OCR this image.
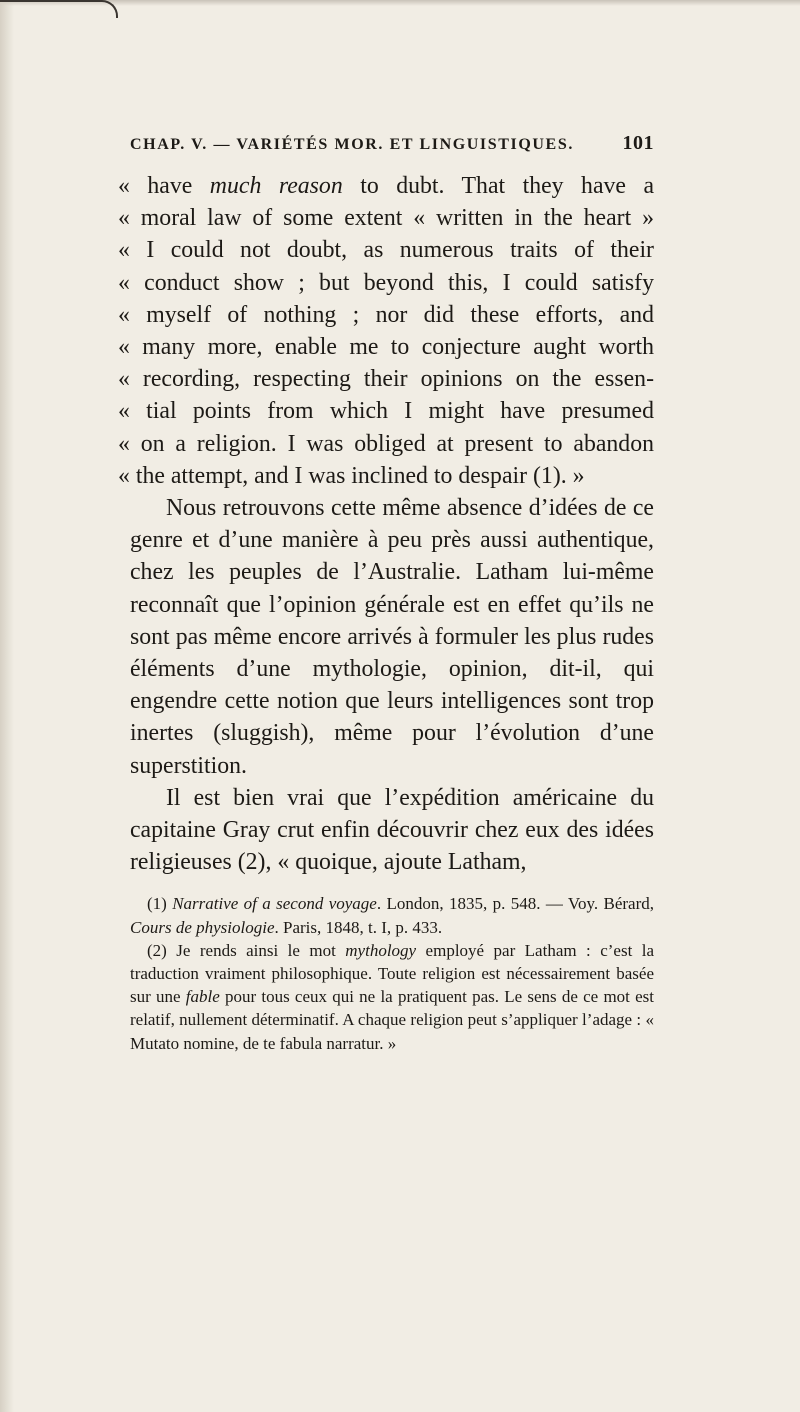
CHAP. V. — VARIÉTÉS MOR. ET LINGUISTIQUES. 101

« have much reason to dubt. That they have a
« moral law of some extent « written in the heart »
« I could not doubt, as numerous traits of their
« conduct show ; but beyond this, I could satisfy
« myself of nothing ; nor did these efforts, and
« many more, enable me to conjecture aught worth
« recording, respecting their opinions on the essen-
« tial points from which I might have presumed
« on a religion. I was obliged at present to abandon
« the attempt, and I was inclined to despair (1). »

Nous retrouvons cette même absence d’idées de ce genre et d’une manière à peu près aussi authentique, chez les peuples de l’Australie. Latham lui-même reconnaît que l’opinion générale est en effet qu’ils ne sont pas même encore arrivés à formuler les plus rudes éléments d’une mythologie, opinion, dit-il, qui engendre cette notion que leurs intelligences sont trop inertes (sluggish), même pour l’évolution d’une superstition.

Il est bien vrai que l’expédition américaine du capitaine Gray crut enfin découvrir chez eux des idées religieuses (2), « quoique, ajoute Latham,

(1) Narrative of a second voyage. London, 1835, p. 548. — Voy. Bérard, Cours de physiologie. Paris, 1848, t. I, p. 433.

(2) Je rends ainsi le mot mythology employé par Latham : c’est la traduction vraiment philosophique. Toute religion est nécessairement basée sur une fable pour tous ceux qui ne la pratiquent pas. Le sens de ce mot est relatif, nullement déterminatif. A chaque religion peut s’appliquer l’adage : « Mutato nomine, de te fabula narratur. »
